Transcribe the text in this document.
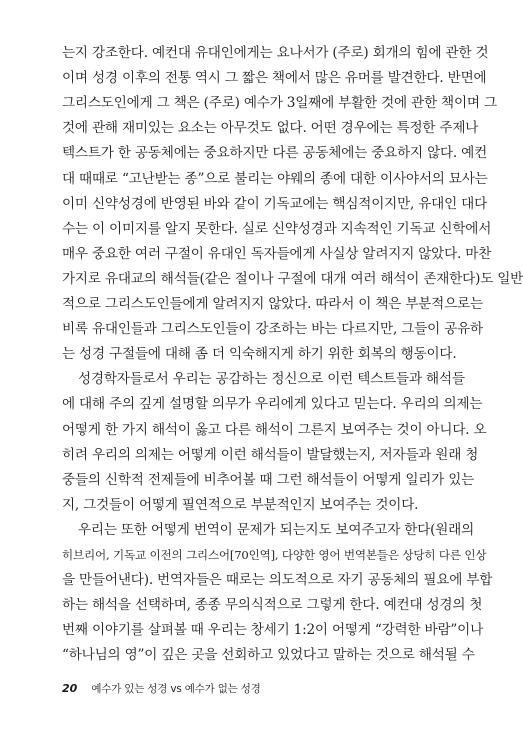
는지 강조한다. 예컨대 유대인에게는 요나서가 (주로) 회개의 힘에 관한 것
이며 성경 이후의 전통 역시 그 짧은 책에서 많은 유머를 발견한다. 반면에
그리스도인에게 그 책은 (주로) 예수가 3일째에 부활한 것에 관한 책이며 그
것에 관해 재미있는 요소는 아무것도 없다. 어떤 경우에는 특정한 주제나
텍스트가 한 공동체에는 중요하지만 다른 공동체에는 중요하지 않다. 예컨
대 때때로 “고난받는 종”으로 불리는 야웨의 종에 대한 이사야서의 묘사는
이미 신약성경에 반영된 바와 같이 기독교에는 핵심적이지만, 유대인 대다
수는 이 이미지를 알지 못한다. 실로 신약성경과 지속적인 기독교 신학에서
매우 중요한 여러 구절이 유대인 독자들에게 사실상 알려지지 않았다. 마찬
가지로 유대교의 해석들(같은 절이나 구절에 대개 여러 해석이 존재한다)도 일반
적으로 그리스도인들에게 알려지지 않았다. 따라서 이 책은 부분적으로는
비록 유대인들과 그리스도인들이 강조하는 바는 다르지만, 그들이 공유하
는 성경 구절들에 대해 좀 더 익숙해지게 하기 위한 회복의 행동이다.
성경학자들로서 우리는 공감하는 정신으로 이런 텍스트들과 해석들
에 대해 주의 깊게 설명할 의무가 우리에게 있다고 믿는다. 우리의 의제는
어떻게 한 가지 해석이 옳고 다른 해석이 그른지 보여주는 것이 아니다. 오
히려 우리의 의제는 어떻게 이런 해석들이 발달했는지, 저자들과 원래 청
중들의 신학적 전제들에 비추어볼 때 그런 해석들이 어떻게 일리가 있는
지, 그것들이 어떻게 필연적으로 부분적인지 보여주는 것이다.
우리는 또한 어떻게 번역이 문제가 되는지도 보여주고자 한다(원래의
히브리어, 기독교 이전의 그리스어[70인역], 다양한 영어 번역본들은 상당히 다른 인상
을 만들어낸다). 번역자들은 때로는 의도적으로 자기 공동체의 필요에 부합
하는 해석을 선택하며, 종종 무의식적으로 그렇게 한다. 예컨대 성경의 첫
번째 이야기를 살펴볼 때 우리는 창세기 1:2이 어떻게 “강력한 바람”이나
“하나님의 영”이 깊은 곳을 선회하고 있었다고 말하는 것으로 해석될 수
20 예수가 있는 성경 vs 예수가 없는 성경
